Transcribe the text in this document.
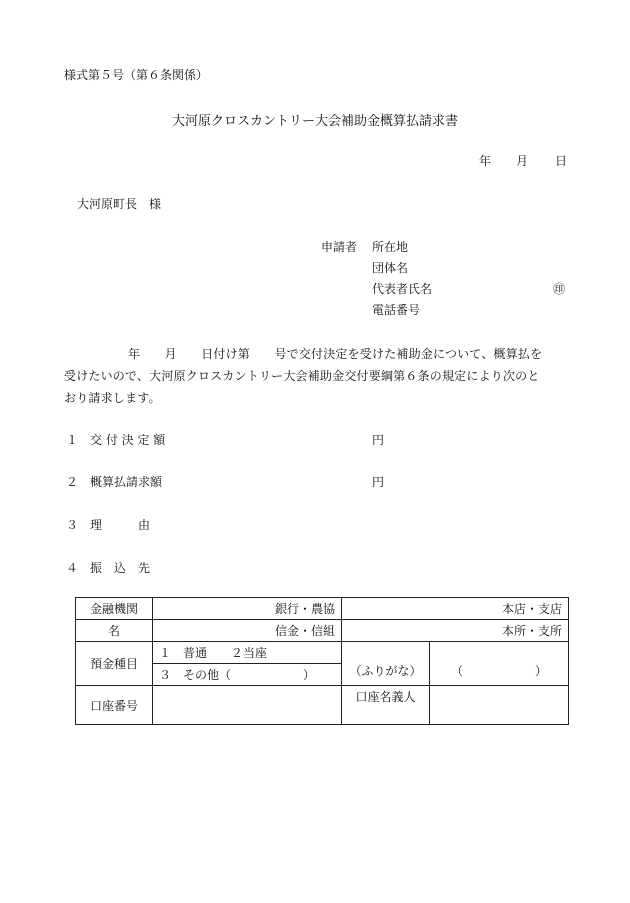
様式第５号（第６条関係）
大河原クロスカントリー大会補助金概算払請求書
年 月 日
大河原町長　様
申請者 所在地
団体名
代表者氏名	㊞
電話番号
年　　月　　日付け第　　号で交付決定を受けた補助金について、概算払を
受けたいので、大河原クロスカントリー大会補助金交付要綱第６条の規定により次のと
おり請求します。
１ 交 付 決 定 額	円
２ 概算払請求額	円
３ 理　　　由
４ 振　込　先
金融機関	銀行・農協	本店・支店	
名	信金・信組	本所・支所	
預金種目	１　普通　　２当座	（ふりがな）	（　　　　　　）
	３　その他（　　　　　　）		
口座番号		口座名義人	
